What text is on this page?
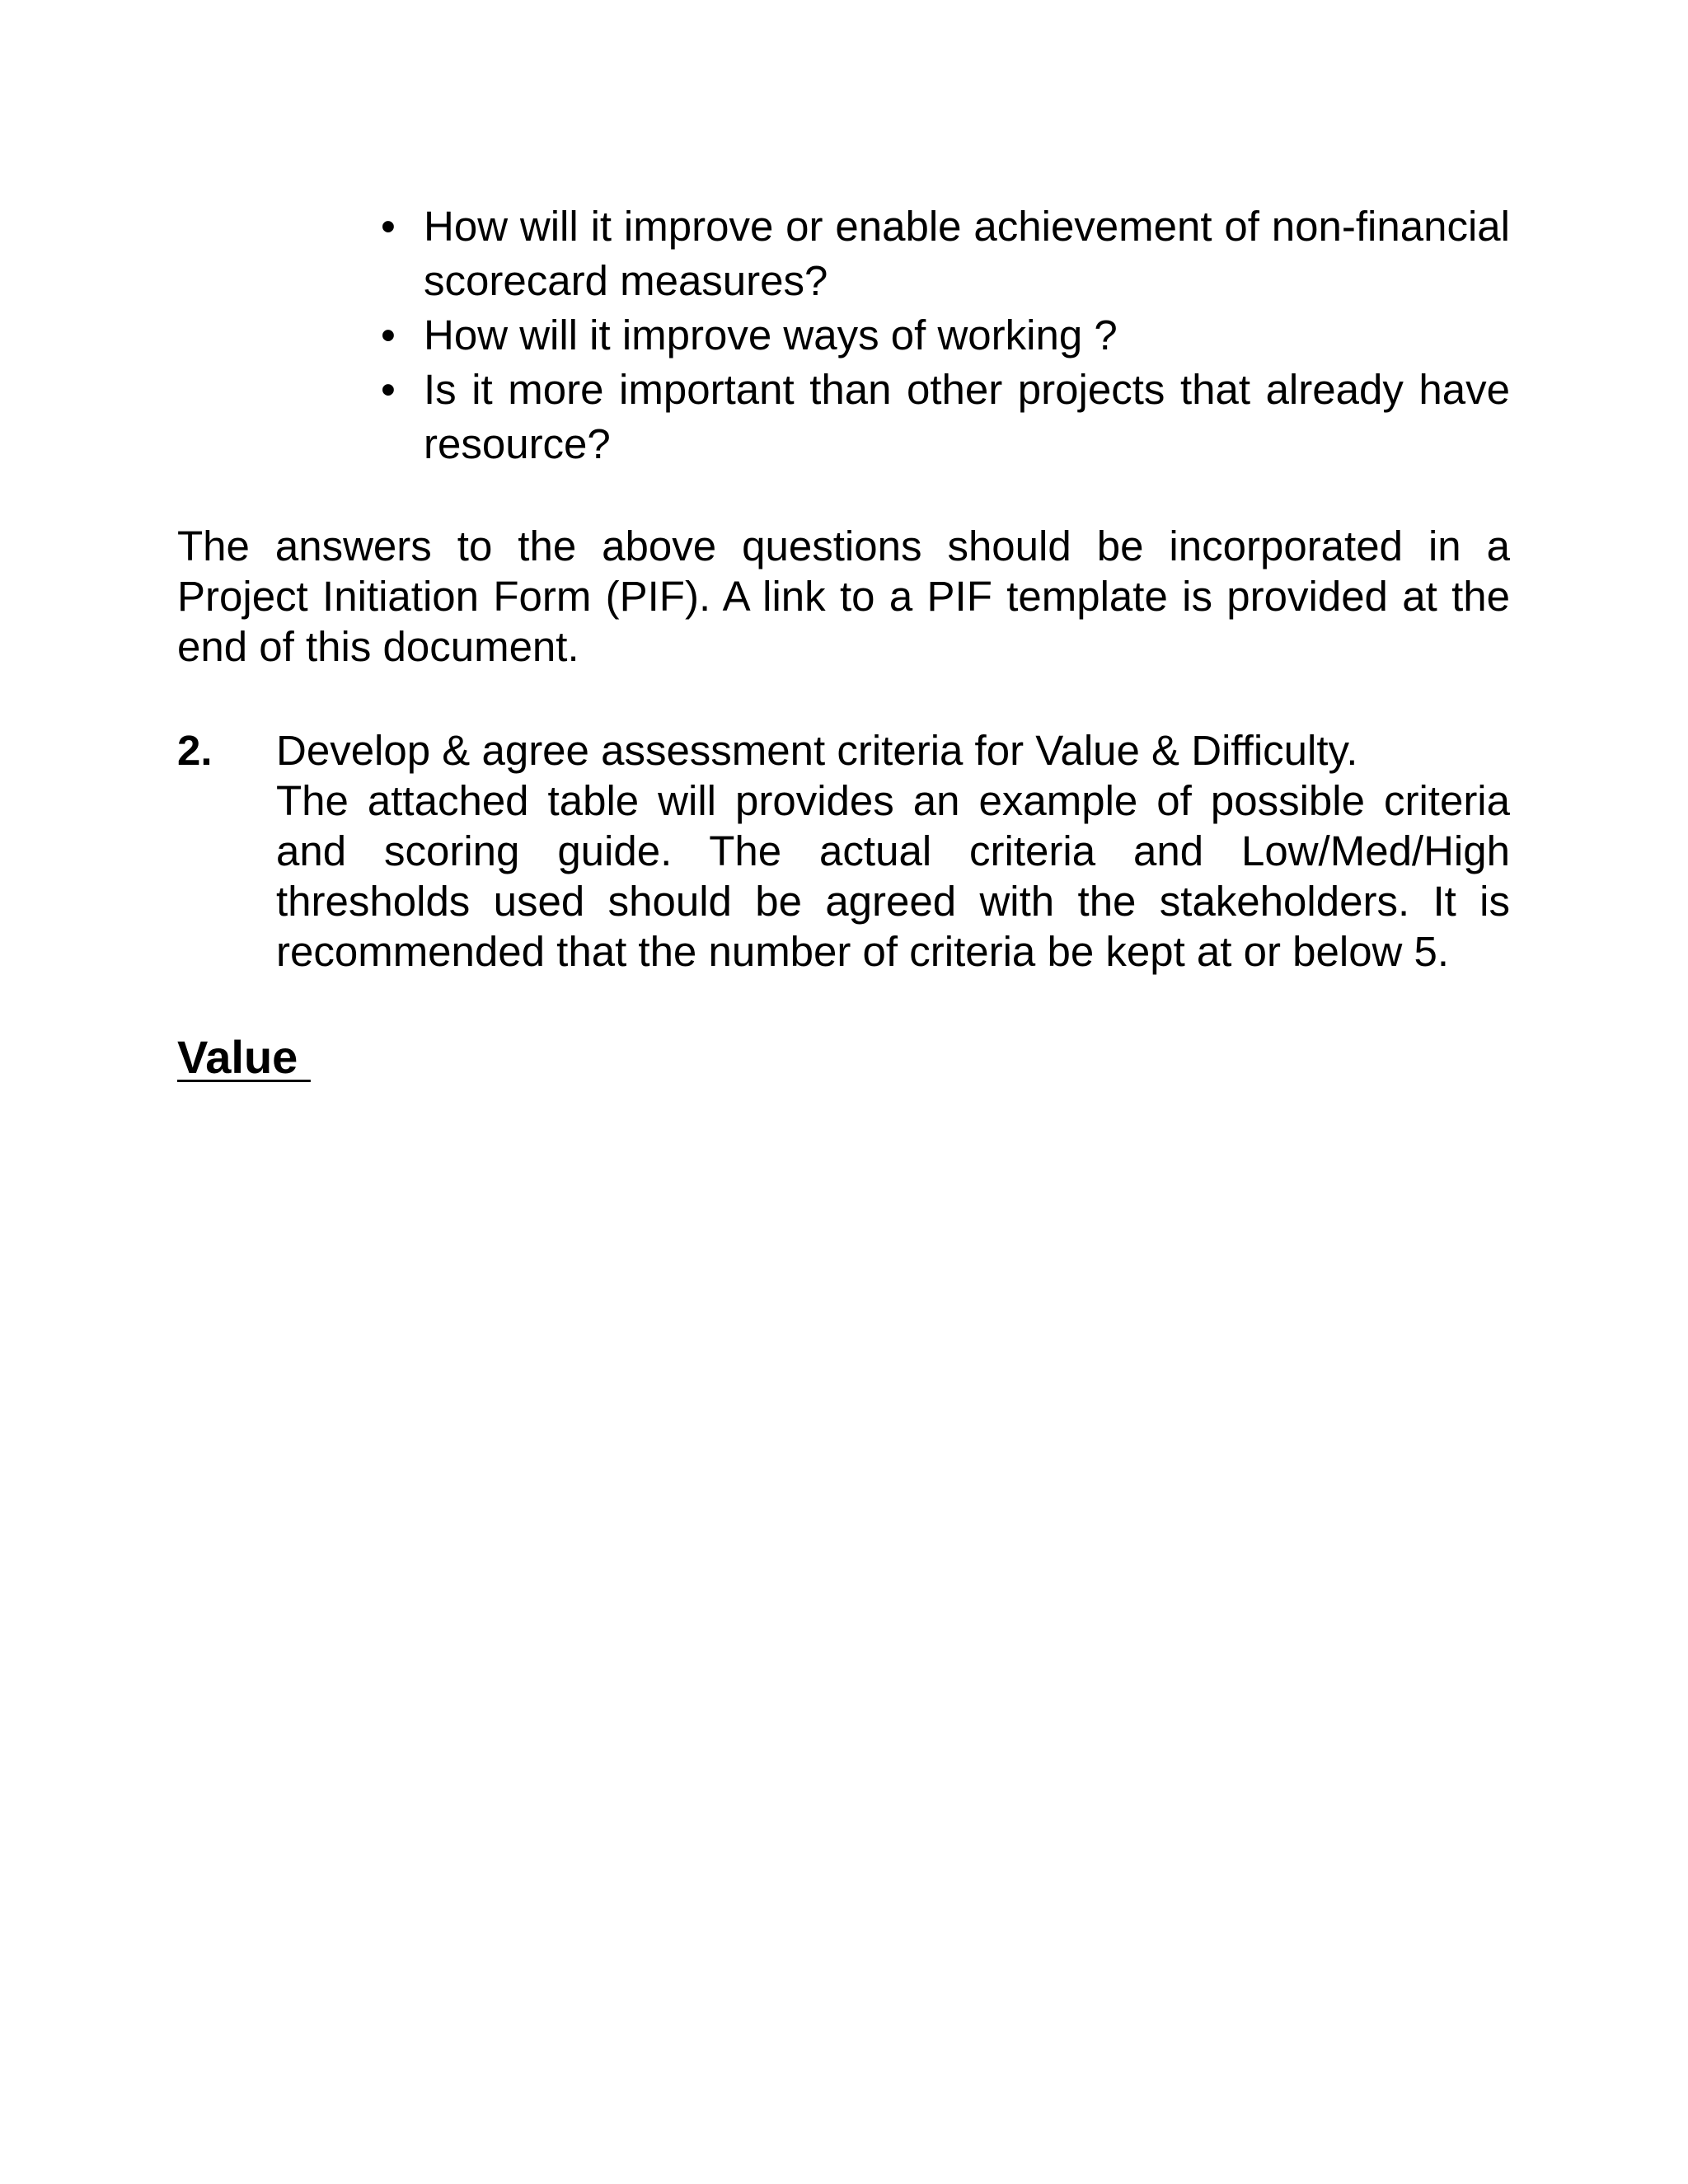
• How will it improve or enable achievement of non-financial scorecard measures?
• How will it improve ways of working ?
• Is it more important than other projects that already have resource?

The answers to the above questions should be incorporated in a Project Initiation Form (PIF). A link to a PIF template is provided at the end of this document.

2. Develop & agree assessment criteria for Value & Difficulty.
The attached table will provides an example of possible criteria and scoring guide. The actual criteria and Low/Med/High thresholds used should be agreed with the stakeholders. It is recommended that the number of criteria be kept at or below 5.
Value
